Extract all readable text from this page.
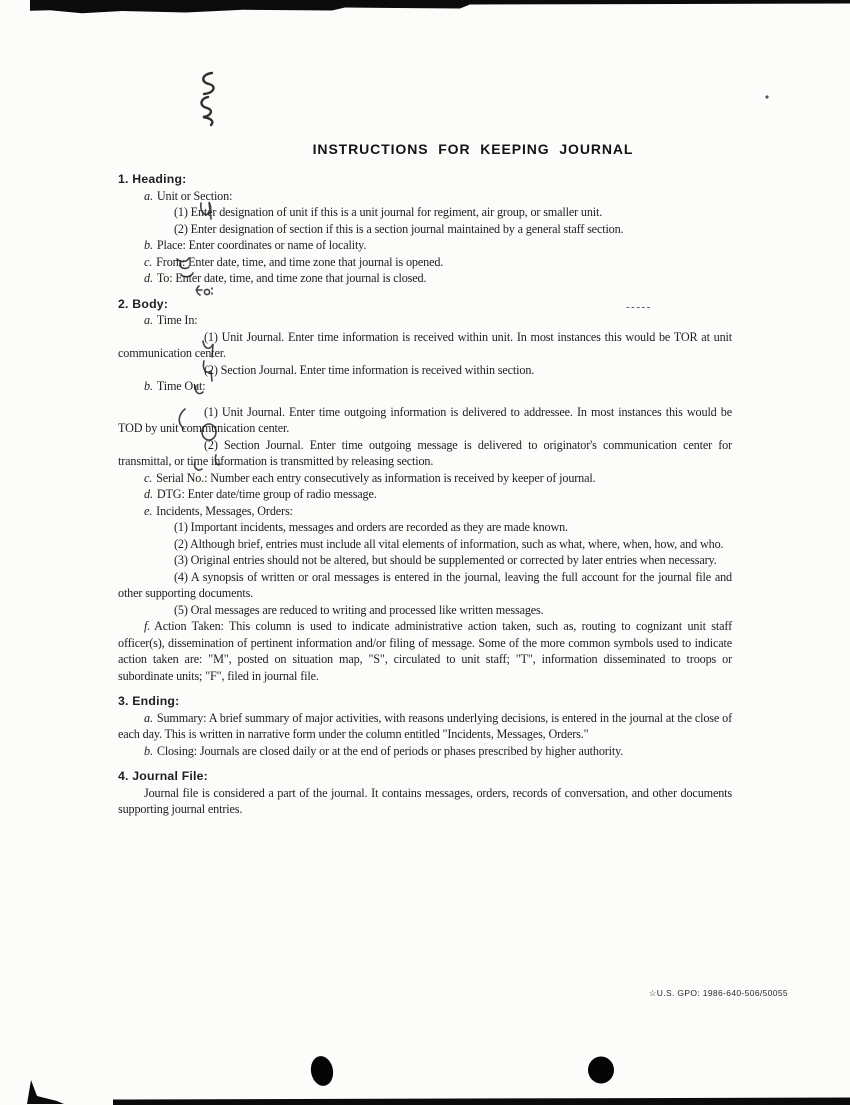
INSTRUCTIONS FOR KEEPING JOURNAL
1. Heading:
a. Unit or Section:
(1) Enter designation of unit if this is a unit journal for regiment, air group, or smaller unit.
(2) Enter designation of section if this is a section journal maintained by a general staff section.
b. Place: Enter coordinates or name of locality.
c. From: Enter date, time, and time zone that journal is opened.
d. To: Enter date, time, and time zone that journal is closed.
2. Body:
a. Time In:
(1) Unit Journal. Enter time information is received within unit. In most instances this would be TOR at unit communication center.
(2) Section Journal. Enter time information is received within section.
b. Time Out:
(1) Unit Journal. Enter time outgoing information is delivered to addressee. In most instances this would be TOD by unit communication center.
(2) Section Journal. Enter time outgoing message is delivered to originator's communication center for transmittal, or time information is transmitted by releasing section.
c. Serial No.: Number each entry consecutively as information is received by keeper of journal.
d. DTG: Enter date/time group of radio message.
e. Incidents, Messages, Orders:
(1) Important incidents, messages and orders are recorded as they are made known.
(2) Although brief, entries must include all vital elements of information, such as what, where, when, how, and who.
(3) Original entries should not be altered, but should be supplemented or corrected by later entries when necessary.
(4) A synopsis of written or oral messages is entered in the journal, leaving the full account for the journal file and other supporting documents.
(5) Oral messages are reduced to writing and processed like written messages.
f. Action Taken: This column is used to indicate administrative action taken, such as, routing to cognizant unit staff officer(s), dissemination of pertinent information and/or filing of message. Some of the more common symbols used to indicate action taken are: "M", posted on situation map, "S", circulated to unit staff; "T", information disseminated to troops or subordinate units; "F", filed in journal file.
3. Ending:
a. Summary: A brief summary of major activities, with reasons underlying decisions, is entered in the journal at the close of each day. This is written in narrative form under the column entitled "Incidents, Messages, Orders."
b. Closing: Journals are closed daily or at the end of periods or phases prescribed by higher authority.
4. Journal File:
Journal file is considered a part of the journal. It contains messages, orders, records of conversation, and other documents supporting journal entries.
-----
☆U.S. GPO: 1986-640-506/50055
